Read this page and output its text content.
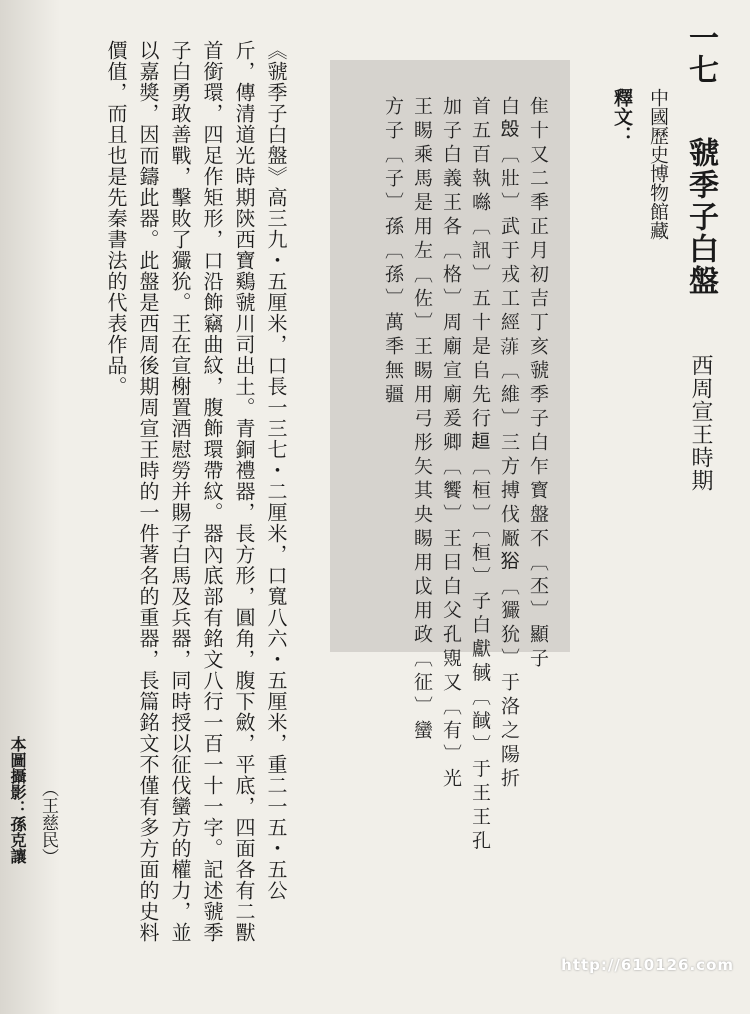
一七 虢季子白盤 西周宣王時期
中國歷史博物館藏
釋文：
隹十又二秊正月初吉丁亥虢季子白乍寳盤不〔丕〕顯子
白𣪕〔壯〕武于戎工經𦸪〔維〕三方搏伐厰𤞞〔玁狁〕于洛之陽折
首五百執噝〔訊〕五十是𠂤先行𧻚〔桓〕〔桓〕子白獻戫〔馘〕于王王孔
加子白義王各〔格〕周廟宣廟爰卿〔饗〕王曰白父孔覭又〔有〕光
王睗乘馬是用左〔佐〕王睗用弓彤矢其央睗用戉用政〔征〕蠻
方子〔子〕孫〔孫〕萬秊無疆
《虢季子白盤》高三九・五厘米，口長一三七・二厘米，口寬八六・五厘米，重二一五・五公
斤，傳清道光時期陝西寶鷄虢川司出土。青銅禮器，長方形，圓角，腹下斂，平底，四面各有二獸
首銜環，四足作矩形，口沿飾竊曲紋，腹飾環帶紋。器內底部有銘文八行一百一十一字。記述虢季
子白勇敢善戰，擊敗了玁狁。王在宣榭置酒慰勞并賜子白馬及兵器，同時授以征伐蠻方的權力，並
以嘉獎，因而鑄此器。此盤是西周後期周宣王時的一件著名的重器，長篇銘文不僅有多方面的史料
價值，而且也是先秦書法的代表作品。
（王慈民）
本圖攝影：孫克讓
http://610126.com
